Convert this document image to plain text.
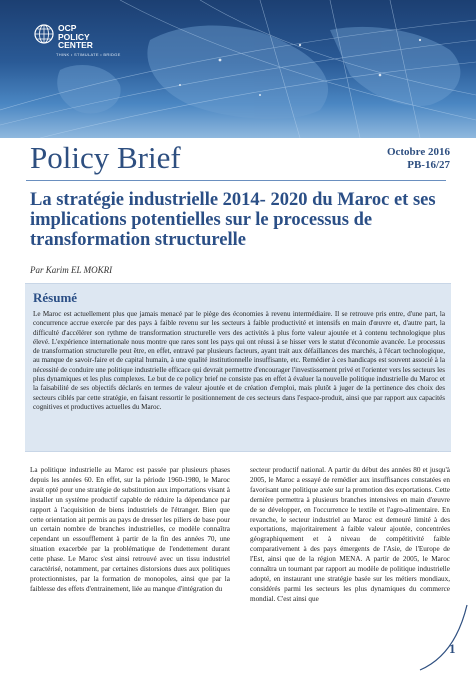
OCP
POLICY
CENTER
THINK • STIMULATE • BRIDGE
Policy Brief	Octobre 2016
PB-16/27
La stratégie industrielle 2014- 2020 du Maroc et ses implications potentielles sur le processus de transformation structurelle
Par Karim EL MOKRI
Résumé

Le Maroc est actuellement plus que jamais menacé par le piège des économies à revenu intermédiaire. Il se retrouve pris entre, d'une part, la concurrence accrue exercée par des pays à faible revenu sur les secteurs à faible productivité et intensifs en main d'œuvre et, d'autre part, la difficulté d'accélérer son rythme de transformation structurelle vers des activités à plus forte valeur ajoutée et à contenu technologique plus élevé. L'expérience internationale nous montre que rares sont les pays qui ont réussi à se hisser vers le statut d'économie avancée. Le processus de transformation structurelle peut être, en effet, entravé par plusieurs facteurs, ayant trait aux défaillances des marchés, à l'écart technologique, au manque de savoir-faire et de capital humain, à une qualité institutionnelle insuffisante, etc. Remédier à ces handicaps est souvent associé à la nécessité de conduire une politique industrielle efficace qui devrait permettre d'encourager l'investissement privé et l'orienter vers les secteurs les plus dynamiques et les plus complexes. Le but de ce policy brief ne consiste pas en effet à évaluer la nouvelle politique industrielle du Maroc et la faisabilité de ses objectifs déclarés en termes de valeur ajoutée et de création d'emploi, mais plutôt à juger de la pertinence des choix des secteurs ciblés par cette stratégie, en faisant ressortir le positionnement de ces secteurs dans l'espace-produit, ainsi que par rapport aux capacités cognitives et productives actuelles du Maroc.

La politique industrielle au Maroc est passée par plusieurs phases depuis les années 60. En effet, sur la période 1960-1980, le Maroc avait opté pour une stratégie de substitution aux importations visant à installer un système productif capable de réduire la dépendance par rapport à l'acquisition de biens industriels de l'étranger. Bien que cette orientation ait permis au pays de dresser les piliers de base pour un certain nombre de branches industrielles, ce modèle connaîtra cependant un essoufflement à partir de la fin des années 70, une situation exacerbée par la problématique de l'endettement durant cette phase. Le Maroc s'est ainsi retrouvé avec un tissu industriel caractérisé, notamment, par certaines distorsions dues aux politiques protectionnistes, par la formation de monopoles, ainsi que par la faiblesse des effets d'entrainement, liée au manque d'intégration du

secteur productif national. A partir du début des années 80 et jusqu'à 2005, le Maroc a essayé de remédier aux insuffisances constatées en favorisant une politique axée sur la promotion des exportations. Cette dernière permettra à plusieurs branches intensives en main d'œuvre de se développer, en l'occurrence le textile et l'agro-alimentaire. En revanche, le secteur industriel au Maroc est demeuré limité à des exportations, majoritairement à faible valeur ajoutée, concentrées géographiquement et à niveau de compétitivité faible comparativement à des pays émergents de l'Asie, de l'Europe de l'Est, ainsi que de la région MENA. A partir de 2005, le Maroc connaîtra un tournant par rapport au modèle de politique industrielle adopté, en instaurant une stratégie basée sur les métiers mondiaux, considérés parmi les secteurs les plus dynamiques du commerce mondial. C'est ainsi que

1
